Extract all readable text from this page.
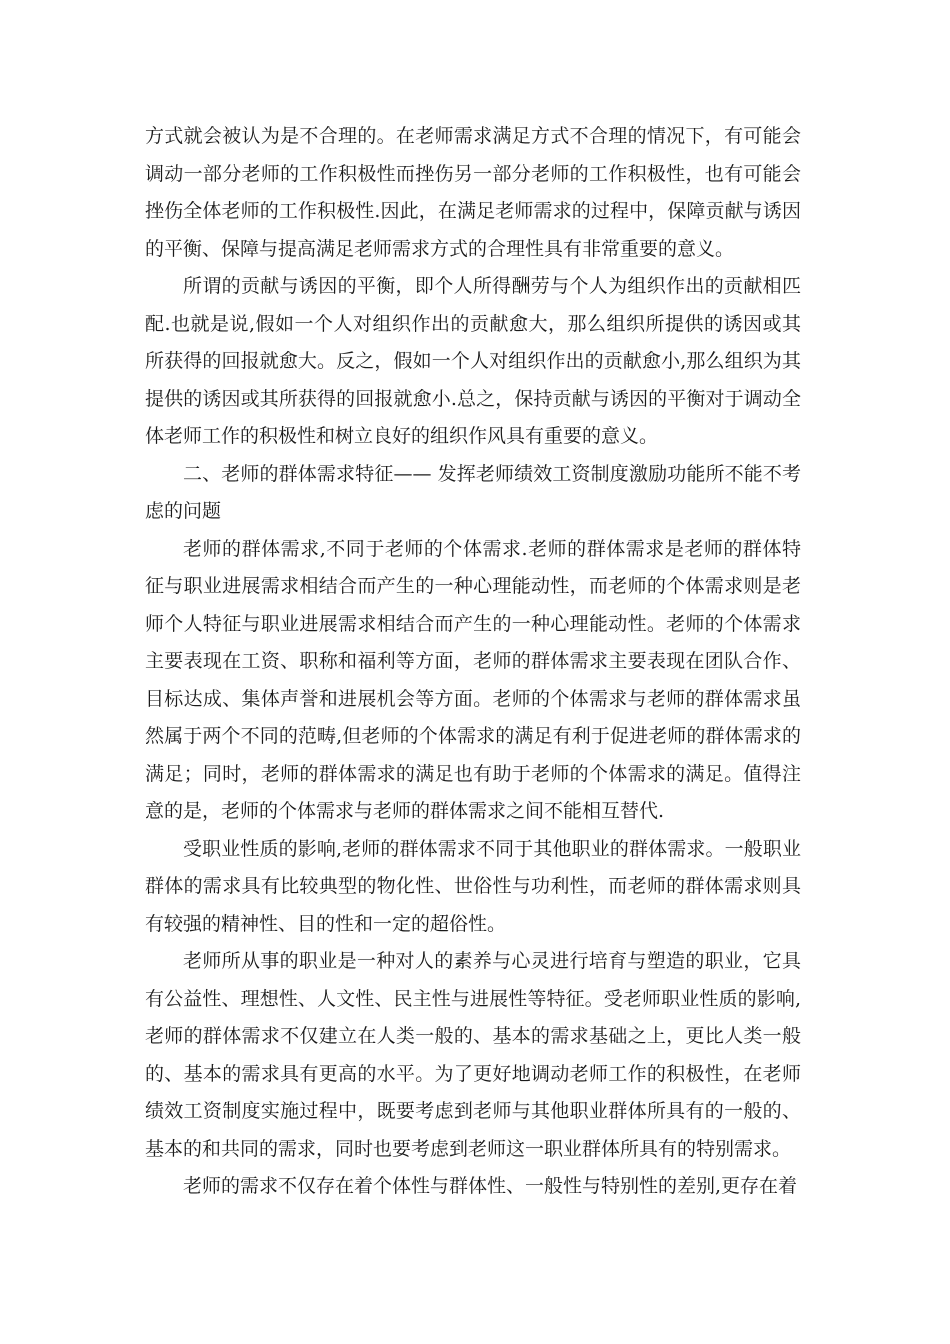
方式就会被认为是不合理的。在老师需求满足方式不合理的情况下，有可能会调动一部分老师的工作积极性而挫伤另一部分老师的工作积极性，也有可能会挫伤全体老师的工作积极性.因此，在满足老师需求的过程中，保障贡献与诱因的平衡、保障与提高满足老师需求方式的合理性具有非常重要的意义。

所谓的贡献与诱因的平衡，即个人所得酬劳与个人为组织作出的贡献相匹配.也就是说,假如一个人对组织作出的贡献愈大，那么组织所提供的诱因或其所获得的回报就愈大。反之，假如一个人对组织作出的贡献愈小,那么组织为其提供的诱因或其所获得的回报就愈小.总之，保持贡献与诱因的平衡对于调动全体老师工作的积极性和树立良好的组织作风具有重要的意义。

二、老师的群体需求特征—— 发挥老师绩效工资制度激励功能所不能不考虑的问题

老师的群体需求,不同于老师的个体需求.老师的群体需求是老师的群体特征与职业进展需求相结合而产生的一种心理能动性，而老师的个体需求则是老师个人特征与职业进展需求相结合而产生的一种心理能动性。老师的个体需求主要表现在工资、职称和福利等方面，老师的群体需求主要表现在团队合作、目标达成、集体声誉和进展机会等方面。老师的个体需求与老师的群体需求虽然属于两个不同的范畴,但老师的个体需求的满足有利于促进老师的群体需求的满足；同时，老师的群体需求的满足也有助于老师的个体需求的满足。值得注意的是，老师的个体需求与老师的群体需求之间不能相互替代.

受职业性质的影响,老师的群体需求不同于其他职业的群体需求。一般职业群体的需求具有比较典型的物化性、世俗性与功利性，而老师的群体需求则具有较强的精神性、目的性和一定的超俗性。

老师所从事的职业是一种对人的素养与心灵进行培育与塑造的职业，它具有公益性、理想性、人文性、民主性与进展性等特征。受老师职业性质的影响,老师的群体需求不仅建立在人类一般的、基本的需求基础之上，更比人类一般的、基本的需求具有更高的水平。为了更好地调动老师工作的积极性，在老师绩效工资制度实施过程中，既要考虑到老师与其他职业群体所具有的一般的、基本的和共同的需求，同时也要考虑到老师这一职业群体所具有的特别需求。

老师的需求不仅存在着个体性与群体性、一般性与特别性的差别,更存在着
